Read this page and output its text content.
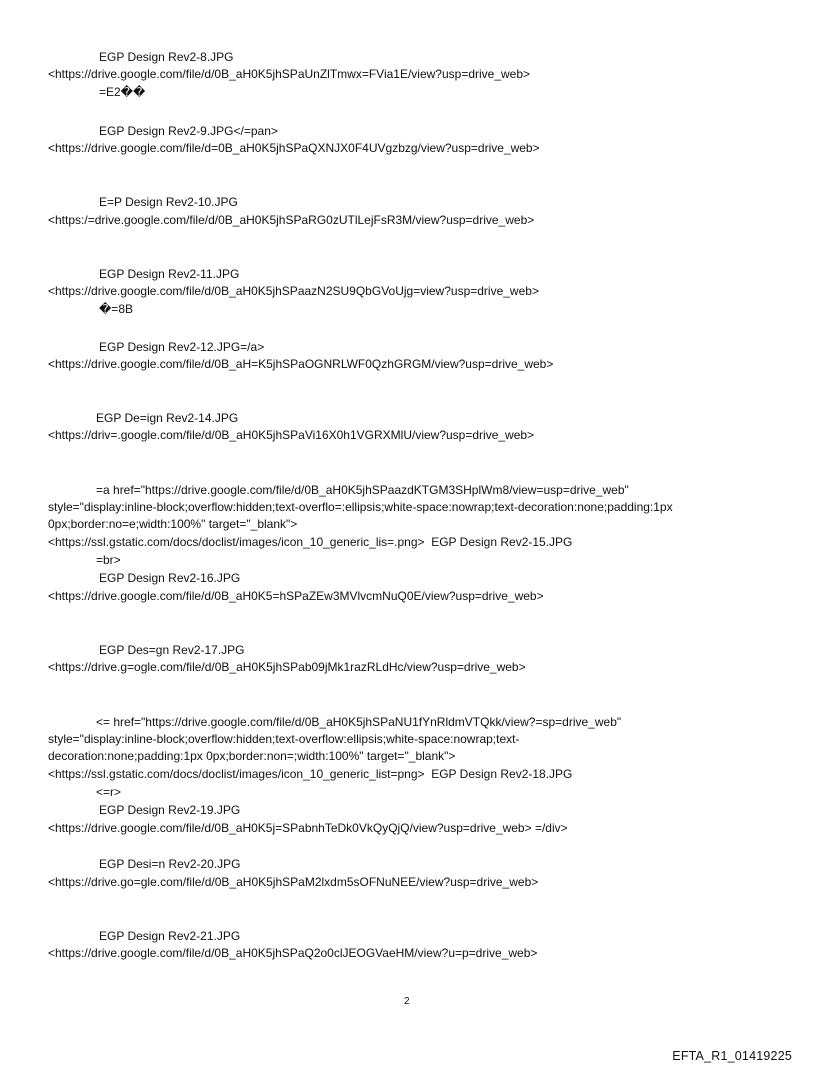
EGP Design Rev2-8.JPG
<https://drive.google.com/file/d/0B_aH0K5jhSPaUnZlTmwx=FVia1E/view?usp=drive_web>
=E2��
EGP Design Rev2-9.JPG</=pan>
<https://drive.google.com/file/d=0B_aH0K5jhSPaQXNJX0F4UVgzbzg/view?usp=drive_web>
E=P Design Rev2-10.JPG
<https:/=drive.google.com/file/d/0B_aH0K5jhSPaRG0zUTlLejFsR3M/view?usp=drive_web>
EGP Design Rev2-11.JPG
<https://drive.google.com/file/d/0B_aH0K5jhSPaazN2SU9QbGVoUjg=view?usp=drive_web>
�=8B
EGP Design Rev2-12.JPG=/a>
<https://drive.google.com/file/d/0B_aH=K5jhSPaOGNRLWF0QzhGRGM/view?usp=drive_web>
EGP De=ign Rev2-14.JPG
<https://driv=.google.com/file/d/0B_aH0K5jhSPaVi16X0h1VGRXMlU/view?usp=drive_web>
=a href="https://drive.google.com/file/d/0B_aH0K5jhSPaazdKTGM3SHplWm8/view=usp=drive_web"
style="display:inline-block;overflow:hidden;text-overflo=:ellipsis;white-space:nowrap;text-decoration:none;padding:1px
0px;border:no=e;width:100%" target="_blank">
<https://ssl.gstatic.com/docs/doclist/images/icon_10_generic_lis=.png>  EGP Design Rev2-15.JPG
=br>
EGP Design Rev2-16.JPG
<https://drive.google.com/file/d/0B_aH0K5=hSPaZEw3MVlvcmNuQ0E/view?usp=drive_web>
EGP Des=gn Rev2-17.JPG
<https://drive.g=ogle.com/file/d/0B_aH0K5jhSPab09jMk1razRLdHc/view?usp=drive_web>
<= href="https://drive.google.com/file/d/0B_aH0K5jhSPaNU1fYnRldmVTQkk/view?=sp=drive_web"
style="display:inline-block;overflow:hidden;text-overflow:ellipsis;white-space:nowrap;text-
decoration:none;padding:1px 0px;border:non=;width:100%" target="_blank">
<https://ssl.gstatic.com/docs/doclist/images/icon_10_generic_list=png>  EGP Design Rev2-18.JPG
<=r>
EGP Design Rev2-19.JPG
<https://drive.google.com/file/d/0B_aH0K5j=SPabnhTeDk0VkQyQjQ/view?usp=drive_web> =/div>
EGP Desi=n Rev2-20.JPG
<https://drive.go=gle.com/file/d/0B_aH0K5jhSPaM2lxdm5sOFNuNEE/view?usp=drive_web>
EGP Design Rev2-21.JPG
<https://drive.google.com/file/d/0B_aH0K5jhSPaQ2o0clJEOGVaeHM/view?u=p=drive_web>
2
EFTA_R1_01419225
